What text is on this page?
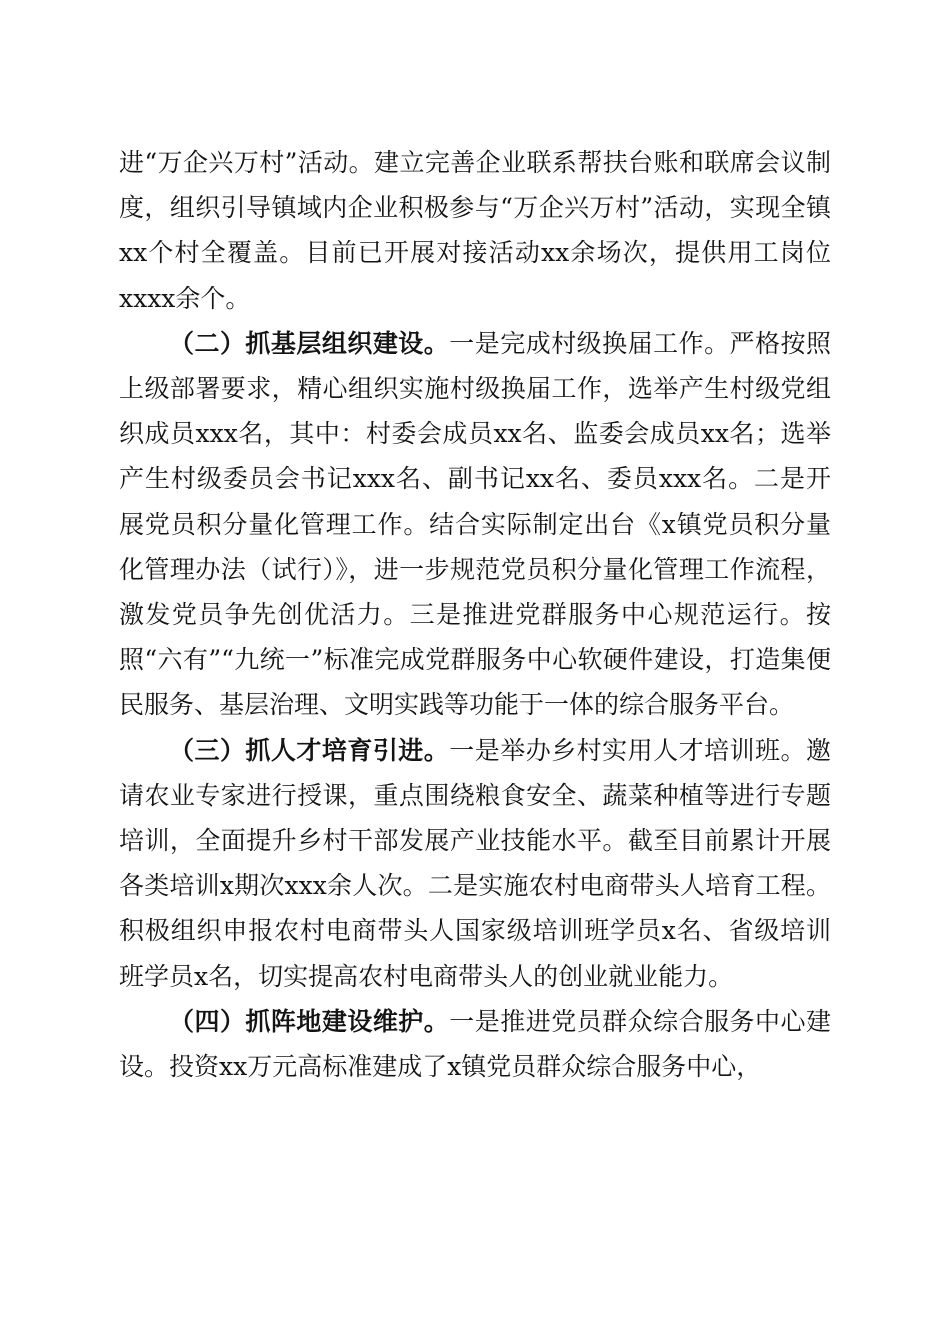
进“万企兴万村”活动。建立完善企业联系帮扶台账和联席会议制度，组织引导镇域内企业积极参与“万企兴万村”活动，实现全镇xx个村全覆盖。目前已开展对接活动xx余场次，提供用工岗位xxxx余个。

（二）抓基层组织建设。一是完成村级换届工作。严格按照上级部署要求，精心组织实施村级换届工作，选举产生村级党组织成员xxx名，其中：村委会成员xx名、监委会成员xx名；选举产生村级委员会书记xxx名、副书记xx名、委员xxx名。二是开展党员积分量化管理工作。结合实际制定出台《x镇党员积分量化管理办法（试行）》，进一步规范党员积分量化管理工作流程，激发党员争先创优活力。三是推进党群服务中心规范运行。按照“六有”“九统一”标准完成党群服务中心软硬件建设，打造集便民服务、基层治理、文明实践等功能于一体的综合服务平台。

（三）抓人才培育引进。一是举办乡村实用人才培训班。邀请农业专家进行授课，重点围绕粮食安全、蔬菜种植等进行专题培训，全面提升乡村干部发展产业技能水平。截至目前累计开展各类培训x期次xxx余人次。二是实施农村电商带头人培育工程。积极组织申报农村电商带头人国家级培训班学员x名、省级培训班学员x名，切实提高农村电商带头人的创业就业能力。

（四）抓阵地建设维护。一是推进党员群众综合服务中心建设。投资xx万元高标准建成了x镇党员群众综合服务中心，
